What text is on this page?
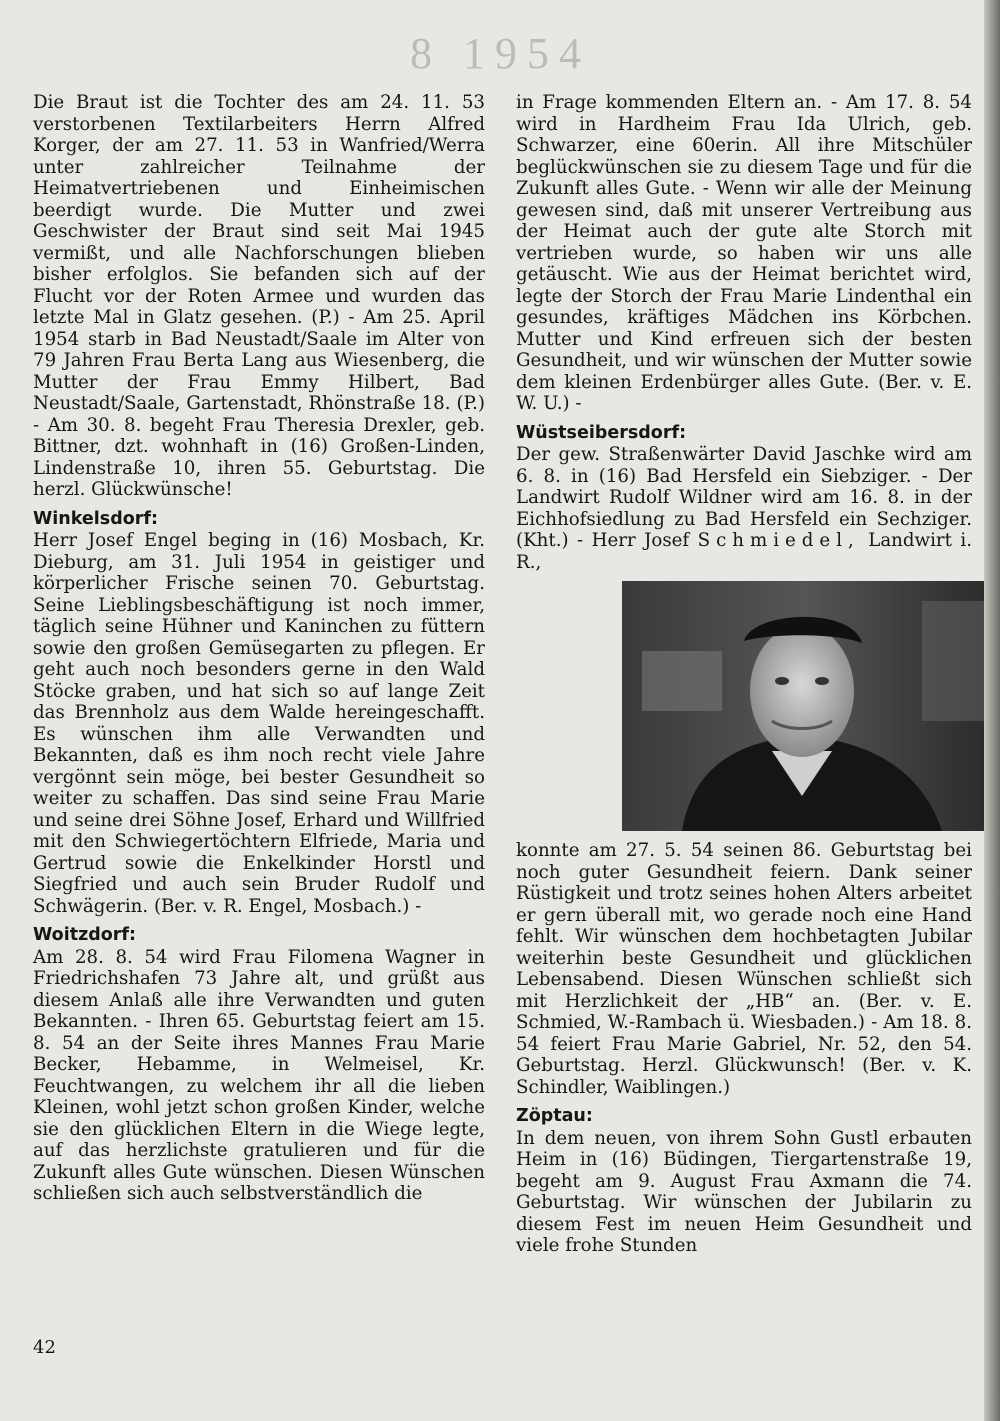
8 1954

Die Braut ist die Tochter des am 24. 11. 53 verstorbenen Textilarbeiters Herrn Alfred Korger, der am 27. 11. 53 in Wanfried/Werra unter zahlreicher Teilnahme der Heimatvertriebenen und Einheimischen beerdigt wurde. Die Mutter und zwei Geschwister der Braut sind seit Mai 1945 vermißt, und alle Nachforschungen blieben bisher erfolglos. Sie befanden sich auf der Flucht vor der Roten Armee und wurden das letzte Mal in Glatz gesehen. (P.) - Am 25. April 1954 starb in Bad Neustadt/Saale im Alter von 79 Jahren Frau Berta Lang aus Wiesenberg, die Mutter der Frau Emmy Hilbert, Bad Neustadt/Saale, Gartenstadt, Rhönstraße 18. (P.) - Am 30. 8. begeht Frau Theresia Drexler, geb. Bittner, dzt. wohnhaft in (16) Großen-Linden, Lindenstraße 10, ihren 55. Geburtstag. Die herzl. Glückwünsche!

Winkelsdorf:

Herr Josef Engel beging in (16) Mosbach, Kr. Dieburg, am 31. Juli 1954 in geistiger und körperlicher Frische seinen 70. Geburtstag. Seine Lieblingsbeschäftigung ist noch immer, täglich seine Hühner und Kaninchen zu füttern sowie den großen Gemüsegarten zu pflegen. Er geht auch noch besonders gerne in den Wald Stöcke graben, und hat sich so auf lange Zeit das Brennholz aus dem Walde hereingeschafft. Es wünschen ihm alle Verwandten und Bekannten, daß es ihm noch recht viele Jahre vergönnt sein möge, bei bester Gesundheit so weiter zu schaffen. Das sind seine Frau Marie und seine drei Söhne Josef, Erhard und Willfried mit den Schwiegertöchtern Elfriede, Maria und Gertrud sowie die Enkelkinder Horstl und Siegfried und auch sein Bruder Rudolf und Schwägerin. (Ber. v. R. Engel, Mosbach.) -

Woitzdorf:

Am 28. 8. 54 wird Frau Filomena Wagner in Friedrichshafen 73 Jahre alt, und grüßt aus diesem Anlaß alle ihre Verwandten und guten Bekannten. - Ihren 65. Geburtstag feiert am 15. 8. 54 an der Seite ihres Mannes Frau Marie Becker, Hebamme, in Welmeisel, Kr. Feuchtwangen, zu welchem ihr all die lieben Kleinen, wohl jetzt schon großen Kinder, welche sie den glücklichen Eltern in die Wiege legte, auf das herzlichste gratulieren und für die Zukunft alles Gute wünschen. Diesen Wünschen schließen sich auch selbstverständlich die

in Frage kommenden Eltern an. - Am 17. 8. 54 wird in Hardheim Frau Ida Ulrich, geb. Schwarzer, eine 60erin. All ihre Mitschüler beglückwünschen sie zu diesem Tage und für die Zukunft alles Gute. - Wenn wir alle der Meinung gewesen sind, daß mit unserer Vertreibung aus der Heimat auch der gute alte Storch mit vertrieben wurde, so haben wir uns alle getäuscht. Wie aus der Heimat berichtet wird, legte der Storch der Frau Marie Lindenthal ein gesundes, kräftiges Mädchen ins Körbchen. Mutter und Kind erfreuen sich der besten Gesundheit, und wir wünschen der Mutter sowie dem kleinen Erdenbürger alles Gute. (Ber. v. E. W. U.) -

Wüstseibersdorf:

Der gew. Straßenwärter David Jaschke wird am 6. 8. in (16) Bad Hersfeld ein Siebziger. - Der Landwirt Rudolf Wildner wird am 16. 8. in der Eichhofsiedlung zu Bad Hersfeld ein Sechziger. (Kht.) - Herr Josef Schmiedel, Landwirt i. R.,

konnte am 27. 5. 54 seinen 86. Geburtstag bei noch guter Gesundheit feiern. Dank seiner Rüstigkeit und trotz seines hohen Alters arbeitet er gern überall mit, wo gerade noch eine Hand fehlt. Wir wünschen dem hochbetagten Jubilar weiterhin beste Gesundheit und glücklichen Lebensabend. Diesen Wünschen schließt sich mit Herzlichkeit der „HB“ an. (Ber. v. E. Schmied, W.-Rambach ü. Wiesbaden.) - Am 18. 8. 54 feiert Frau Marie Gabriel, Nr. 52, den 54. Geburtstag. Herzl. Glückwunsch! (Ber. v. K. Schindler, Waiblingen.)

Zöptau:

In dem neuen, von ihrem Sohn Gustl erbauten Heim in (16) Büdingen, Tiergartenstraße 19, begeht am 9. August Frau Axmann die 74. Geburtstag. Wir wünschen der Jubilarin zu diesem Fest im neuen Heim Gesundheit und viele frohe Stunden

42
